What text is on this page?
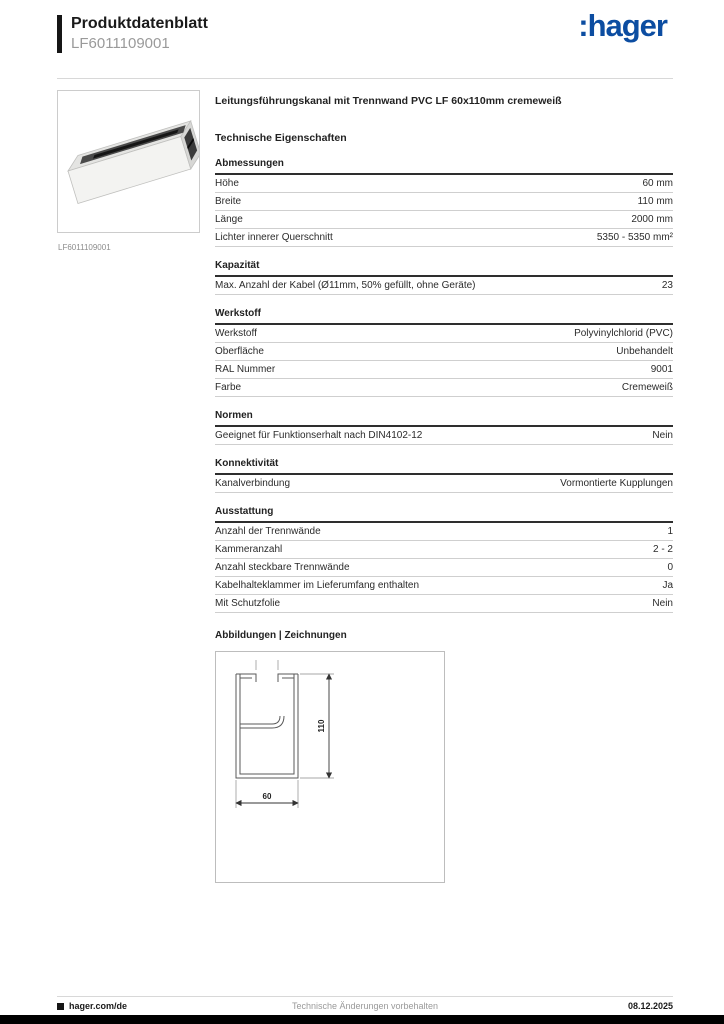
Produktdatenblatt
LF6011109001
:hager
LF6011109001
Leitungsführungskanal mit Trennwand PVC LF 60x110mm cremeweiß
Technische Eigenschaften
Abmessungen
Höhe	60 mm
Breite	110 mm
Länge	2000 mm
Lichter innerer Querschnitt	5350 - 5350 mm²
Kapazität
Max. Anzahl der Kabel (Ø11mm, 50% gefüllt, ohne Geräte)	23
Werkstoff
Werkstoff	Polyvinylchlorid (PVC)
Oberfläche	Unbehandelt
RAL Nummer	9001
Farbe	Cremeweiß
Normen
Geeignet für Funktionserhalt nach DIN4102-12	Nein
Konnektivität
Kanalverbindung	Vormontierte Kupplungen
Ausstattung
Anzahl der Trennwände	1
Kammeranzahl	2 - 2
Anzahl steckbare Trennwände	0
Kabelhalteklammer im Lieferumfang enthalten	Ja
Mit Schutzfolie	Nein
Abbildungen | Zeichnungen
110
60
hager.com/de	Technische Änderungen vorbehalten	08.12.2025
